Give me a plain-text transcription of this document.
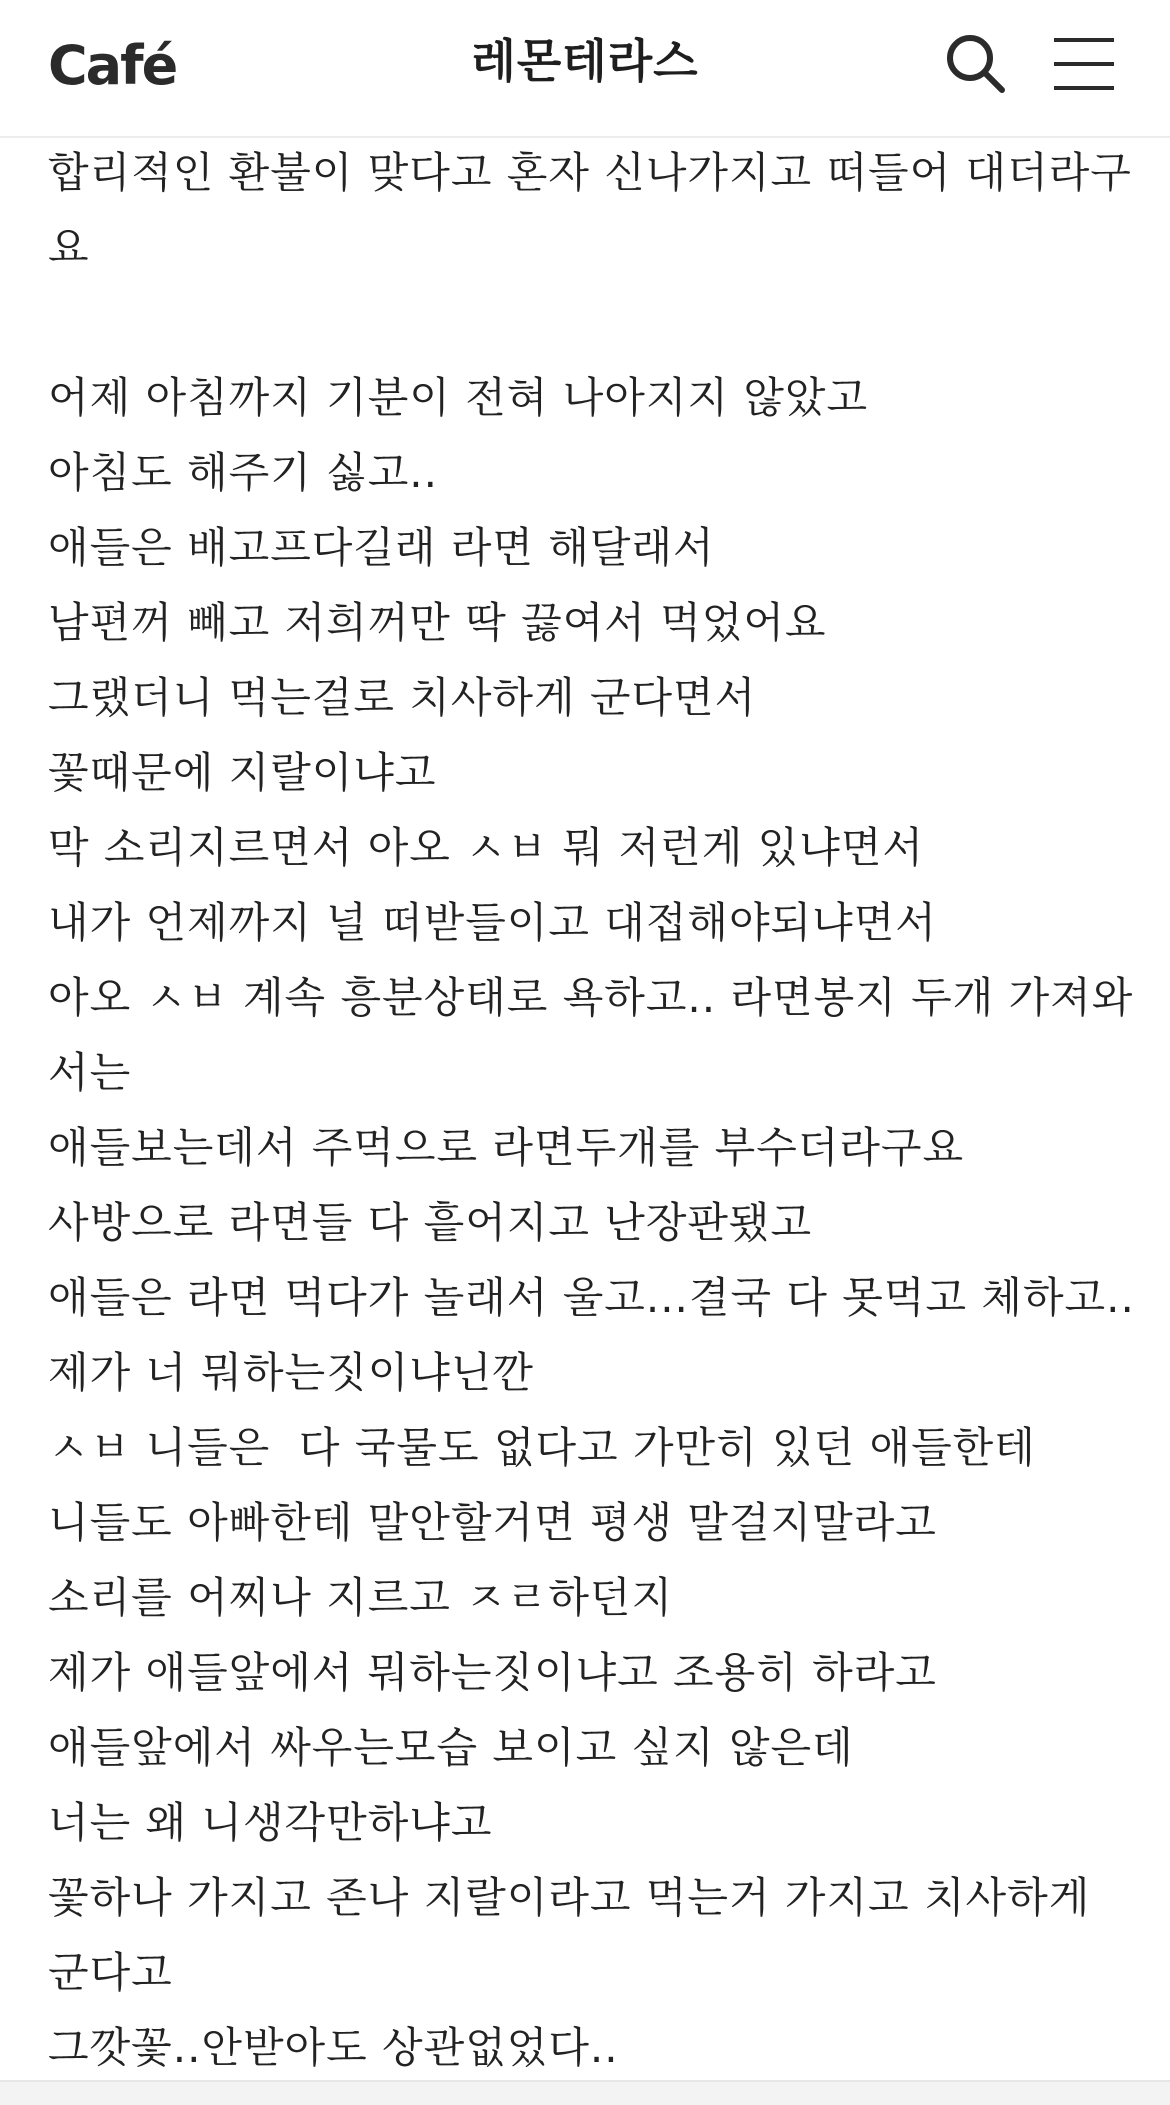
Café	레몬테라스
합리적인 환불이 맞다고 혼자 신나가지고 떠들어 대더라구
요
어제 아침까지 기분이 전혀 나아지지 않았고
아침도 해주기 싫고..
애들은 배고프다길래 라면 해달래서
남편꺼 빼고 저희꺼만 딱 끓여서 먹었어요
그랬더니 먹는걸로 치사하게 군다면서
꽃때문에 지랄이냐고
막 소리지르면서 아오 ㅅㅂ 뭐 저런게 있냐면서
내가 언제까지 널 떠받들이고 대접해야되냐면서
아오 ㅅㅂ 계속 흥분상태로 욕하고.. 라면봉지 두개 가져와
서는
애들보는데서 주먹으로 라면두개를 부수더라구요
사방으로 라면들 다 흩어지고 난장판됐고
애들은 라면 먹다가 놀래서 울고...결국 다 못먹고 체하고..
제가 너 뭐하는짓이냐닌깐
ㅅㅂ 니들은  다 국물도 없다고 가만히 있던 애들한테
니들도 아빠한테 말안할거면 평생 말걸지말라고
소리를 어찌나 지르고 ㅈㄹ하던지
제가 애들앞에서 뭐하는짓이냐고 조용히 하라고
애들앞에서 싸우는모습 보이고 싶지 않은데
너는 왜 니생각만하냐고
꽃하나 가지고 존나 지랄이라고 먹는거 가지고 치사하게
군다고
그깟꽃..안받아도 상관없었다..
